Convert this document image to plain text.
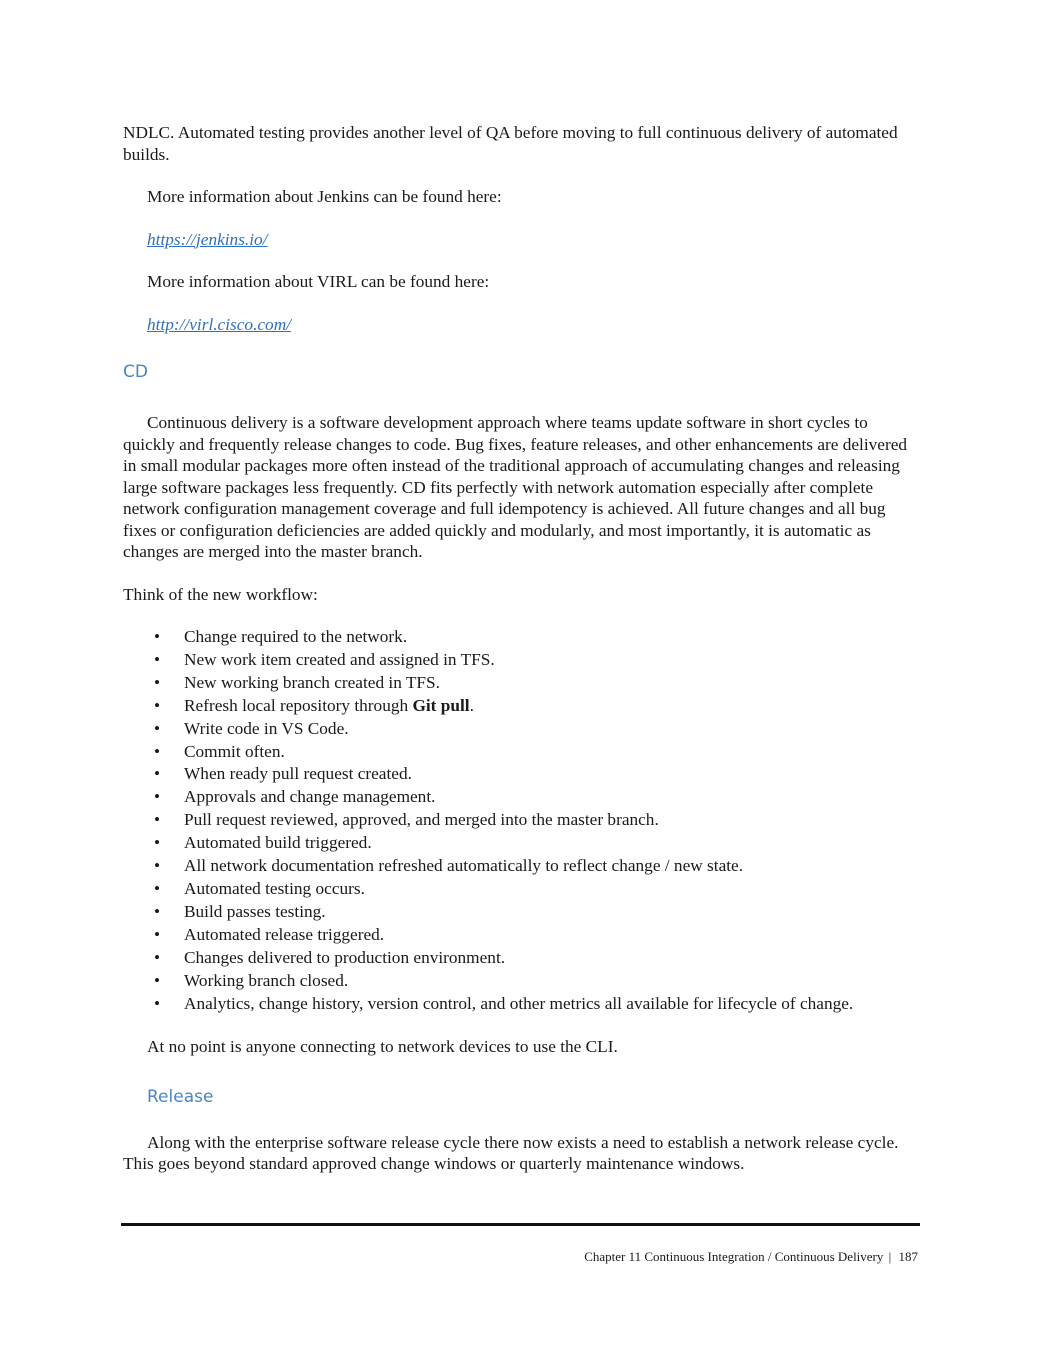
NDLC. Automated testing provides another level of QA before moving to full continuous delivery of automated builds.

More information about Jenkins can be found here:

https://jenkins.io/

More information about VIRL can be found here:

http://virl.cisco.com/

CD

Continuous delivery is a software development approach where teams update software in short cycles to quickly and frequently release changes to code. Bug fixes, feature releases, and other enhancements are delivered in small modular packages more often instead of the traditional approach of accumulating changes and releasing large software packages less frequently. CD fits perfectly with network automation especially after complete network configuration management coverage and full idempotency is achieved. All future changes and all bug fixes or configuration deficiencies are added quickly and modularly, and most importantly, it is automatic as changes are merged into the master branch.

Think of the new workflow:

• Change required to the network.
• New work item created and assigned in TFS.
• New working branch created in TFS.
• Refresh local repository through Git pull.
• Write code in VS Code.
• Commit often.
• When ready pull request created.
• Approvals and change management.
• Pull request reviewed, approved, and merged into the master branch.
• Automated build triggered.
• All network documentation refreshed automatically to reflect change / new state.
• Automated testing occurs.
• Build passes testing.
• Automated release triggered.
• Changes delivered to production environment.
• Working branch closed.
• Analytics, change history, version control, and other metrics all available for lifecycle of change.

At no point is anyone connecting to network devices to use the CLI.

Release

Along with the enterprise software release cycle there now exists a need to establish a network release cycle. This goes beyond standard approved change windows or quarterly maintenance windows.

Chapter 11 Continuous Integration / Continuous Delivery | 187
